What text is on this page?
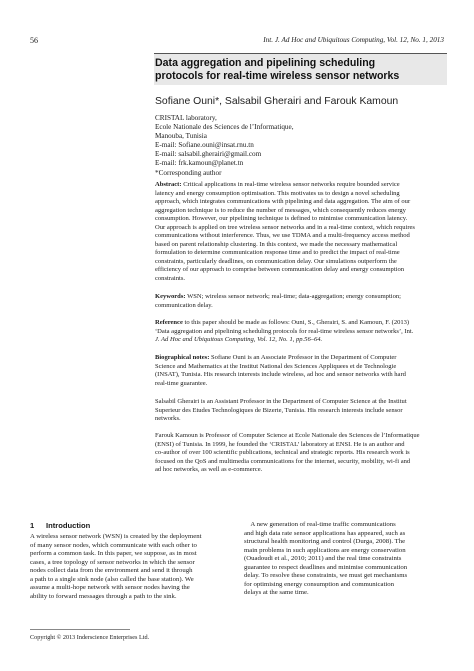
56	Int. J. Ad Hoc and Ubiquitous Computing, Vol. 12, No. 1, 2013
Data aggregation and pipelining scheduling
protocols for real-time wireless sensor networks
Sofiane Ouni*, Salsabil Gherairi and Farouk Kamoun
CRISTAL laboratory,
Ecole Nationale des Sciences de l’Informatique,
Manouba, Tunisia
E-mail: Sofiane.ouni@insat.rnu.tn
E-mail: salsabil.gherairi@gmail.com
E-mail: frk.kamoun@planet.tn
*Corresponding author
Abstract: Critical applications in real-time wireless sensor networks require bounded service
latency and energy consumption optimisation. This motivates us to design a novel scheduling
approach, which integrates communications with pipelining and data aggregation. The aim of our
aggregation technique is to reduce the number of messages, which consequently reduces energy
consumption. However, our pipelining technique is defined to minimise communication latency.
Our approach is applied on tree wireless sensor networks and in a real-time context, which requires
communications without interference. Thus, we use TDMA and a multi-frequency access method
based on parent relationship clustering. In this context, we made the necessary mathematical
formulation to determine communication response time and to predict the impact of real-time
constraints, particularly deadlines, on communication delay. Our simulations outperform the
efficiency of our approach to comprise between communication delay and energy consumption
constraints.
Keywords: WSN; wireless sensor network; real-time; data-aggregation; energy consumption;
communication delay.
Reference to this paper should be made as follows: Ouni, S., Gherairi, S. and Kamoun, F. (2013)
‘Data aggregation and pipelining scheduling protocols for real-time wireless sensor networks’, Int.
J. Ad Hoc and Ubiquitous Computing, Vol. 12, No. 1, pp.56–64.
Biographical notes: Sofiane Ouni is an Associate Professor in the Department of Computer
Science and Mathematics at the Institut National des Sciences Appliquees et de Technologie
(INSAT), Tunisia. His research interests include wireless, ad hoc and sensor networks with hard
real-time guarantee.
Salsabil Gherairi is an Assistant Professor in the Department of Computer Science at the Institut
Superieur des Etudes Technologiques de Bizerte, Tunisia. His research interests include sensor
networks.
Farouk Kamoun is Professor of Computer Science at Ecole Nationale des Sciences de l’Informatique
(ENSI) of Tunisia. In 1999, he founded the ‘CRISTAL’ laboratory at ENSI. He is an author and
co-author of over 100 scientific publications, technical and strategic reports. His research work is
focused on the QoS and multimedia communications for the internet, security, mobility, wi-fi and
ad hoc networks, as well as e-commerce.
1 Introduction
A wireless sensor network (WSN) is created by the deployment
of many sensor nodes, which communicate with each other to
perform a common task. In this paper, we suppose, as in most
cases, a tree topology of sensor networks in which the sensor
nodes collect data from the environment and send it through
a path to a single sink node (also called the base station). We
assume a multi-hope network with sensor nodes having the
ability to forward messages through a path to the sink.
A new generation of real-time traffic communications
and high data rate sensor applications has appeared, such as
structural health monitoring and control (Durga, 2008). The
main problems in such applications are energy conservation
(Ouadoudi et al., 2010; 2011) and the real time constraints
guarantee to respect deadlines and minimise communication
delay. To resolve these constraints, we must get mechanisms
for optimising energy consumption and communication
delays at the same time.
Copyright © 2013 Inderscience Enterprises Ltd.
